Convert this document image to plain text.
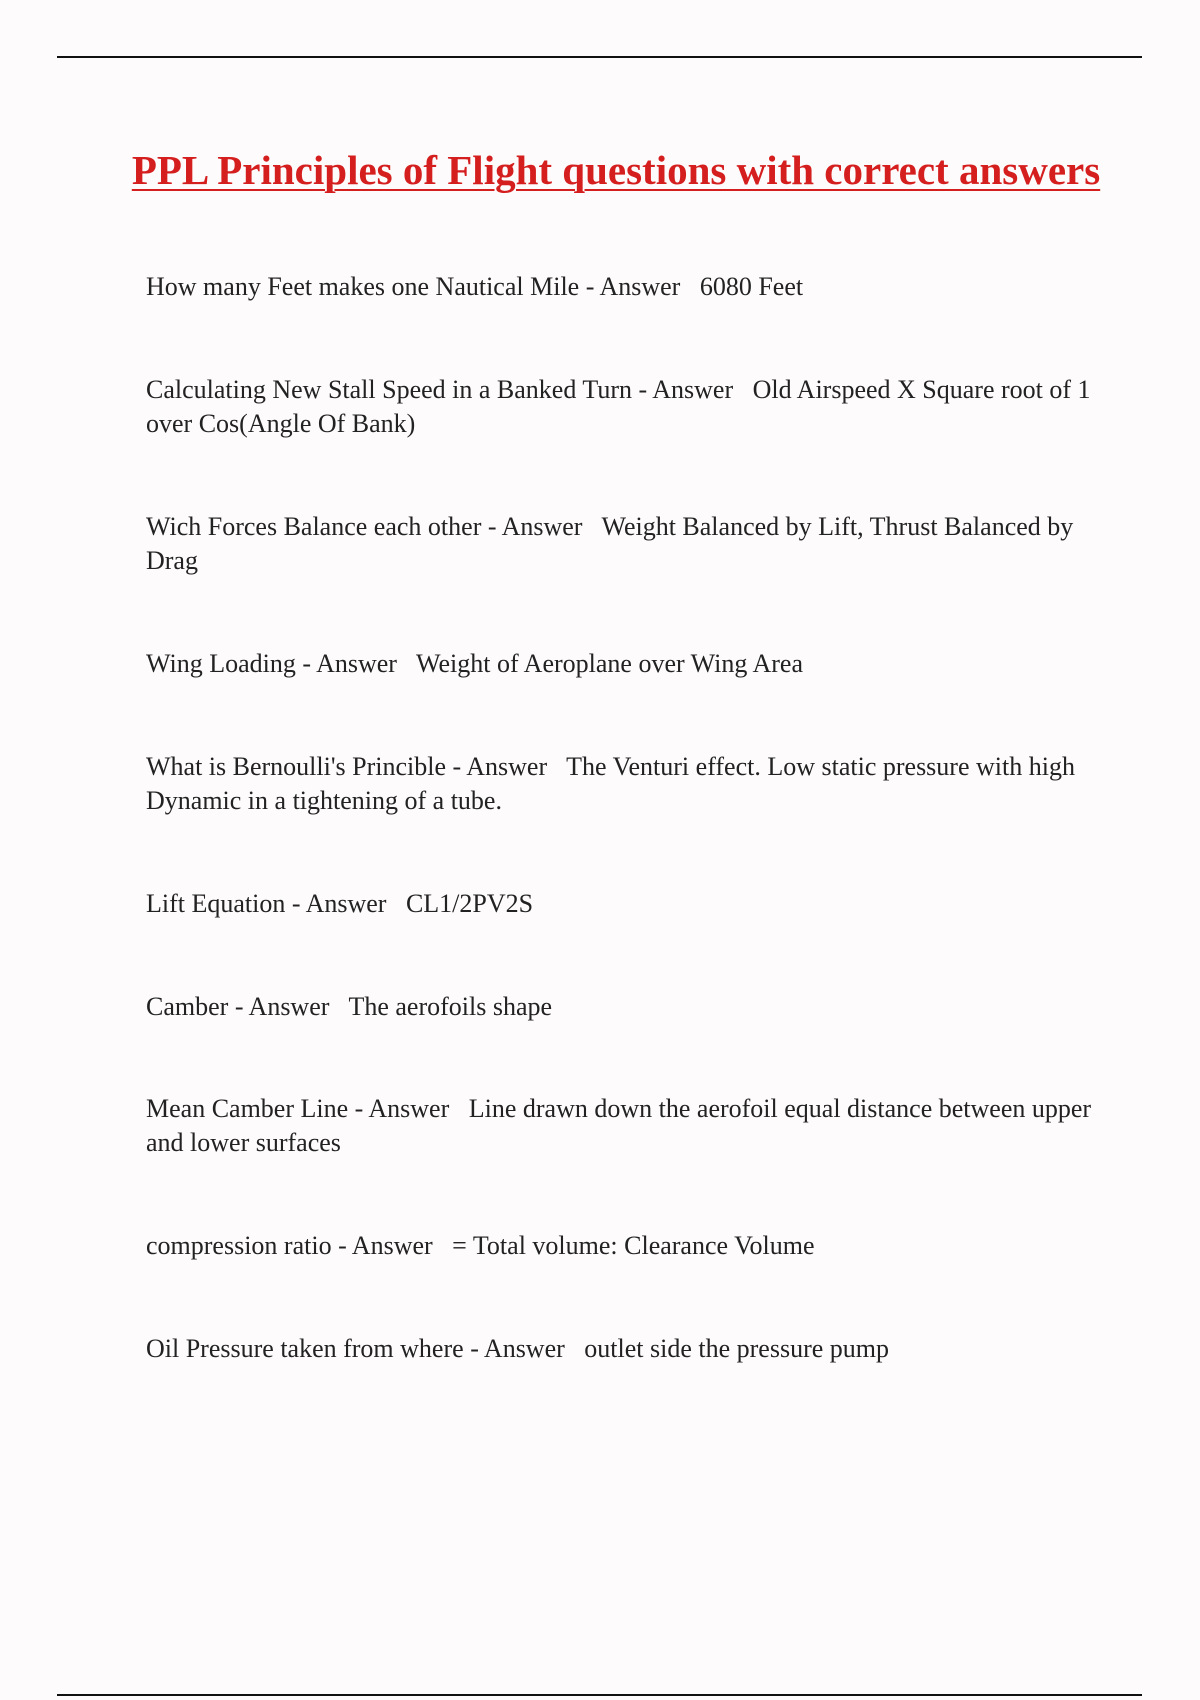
PPL Principles of Flight questions with correct answers

How many Feet makes one Nautical Mile - Answer   6080 Feet

Calculating New Stall Speed in a Banked Turn - Answer   Old Airspeed X Square root of 1 over Cos(Angle Of Bank)

Wich Forces Balance each other - Answer   Weight Balanced by Lift, Thrust Balanced by Drag

Wing Loading - Answer   Weight of Aeroplane over Wing Area

What is Bernoulli's Princible - Answer   The Venturi effect. Low static pressure with high Dynamic in a tightening of a tube.

Lift Equation - Answer   CL1/2PV2S

Camber - Answer   The aerofoils shape

Mean Camber Line - Answer   Line drawn down the aerofoil equal distance between upper and lower surfaces

compression ratio - Answer   = Total volume: Clearance Volume

Oil Pressure taken from where - Answer   outlet side the pressure pump
